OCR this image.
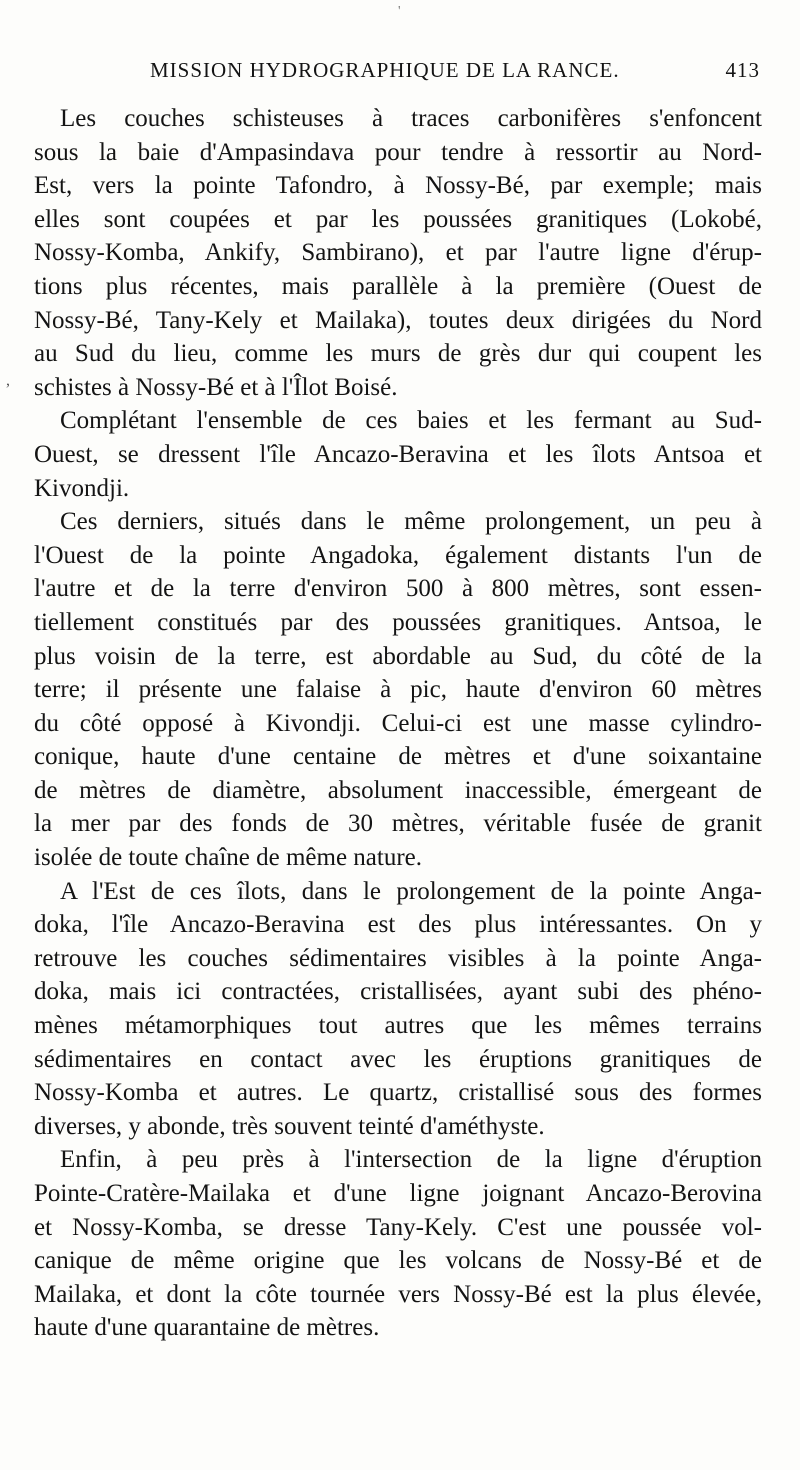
'
MISSION HYDROGRAPHIQUE DE LA RANCE.	413
,
Les couches schisteuses à traces carbonifères s'enfoncent
sous la baie d'Ampasindava pour tendre à ressortir au Nord-
Est, vers la pointe Tafondro, à Nossy-Bé, par exemple; mais
elles sont coupées et par les poussées granitiques (Lokobé,
Nossy-Komba, Ankify, Sambirano), et par l'autre ligne d'érup-
tions plus récentes, mais parallèle à la première (Ouest de
Nossy-Bé, Tany-Kely et Mailaka), toutes deux dirigées du Nord
au Sud du lieu, comme les murs de grès dur qui coupent les
schistes à Nossy-Bé et à l'Îlot Boisé.
Complétant l'ensemble de ces baies et les fermant au Sud-
Ouest, se dressent l'île Ancazo-Beravina et les îlots Antsoa et
Kivondji.
Ces derniers, situés dans le même prolongement, un peu à
l'Ouest de la pointe Angadoka, également distants l'un de
l'autre et de la terre d'environ 500 à 800 mètres, sont essen-
tiellement constitués par des poussées granitiques. Antsoa, le
plus voisin de la terre, est abordable au Sud, du côté de la
terre; il présente une falaise à pic, haute d'environ 60 mètres
du côté opposé à Kivondji. Celui-ci est une masse cylindro-
conique, haute d'une centaine de mètres et d'une soixantaine
de mètres de diamètre, absolument inaccessible, émergeant de
la mer par des fonds de 30 mètres, véritable fusée de granit
isolée de toute chaîne de même nature.
A l'Est de ces îlots, dans le prolongement de la pointe Anga-
doka, l'île Ancazo-Beravina est des plus intéressantes. On y
retrouve les couches sédimentaires visibles à la pointe Anga-
doka, mais ici contractées, cristallisées, ayant subi des phéno-
mènes métamorphiques tout autres que les mêmes terrains
sédimentaires en contact avec les éruptions granitiques de
Nossy-Komba et autres. Le quartz, cristallisé sous des formes
diverses, y abonde, très souvent teinté d'améthyste.
Enfin, à peu près à l'intersection de la ligne d'éruption
Pointe-Cratère-Mailaka et d'une ligne joignant Ancazo-Berovina
et Nossy-Komba, se dresse Tany-Kely. C'est une poussée vol-
canique de même origine que les volcans de Nossy-Bé et de
Mailaka, et dont la côte tournée vers Nossy-Bé est la plus élevée,
haute d'une quarantaine de mètres.
